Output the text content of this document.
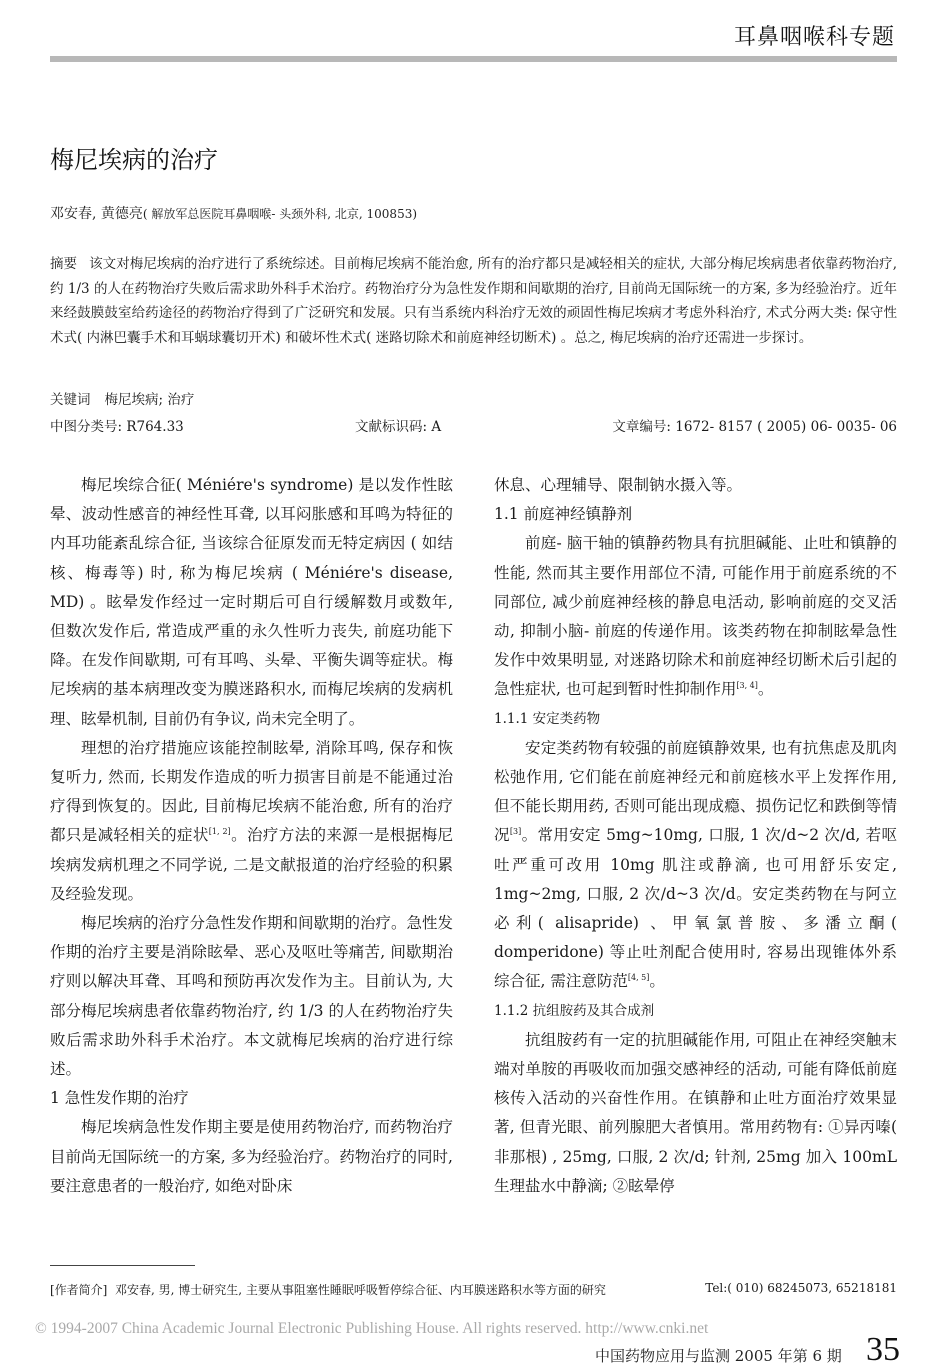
耳鼻咽喉科专题
梅尼埃病的治疗
邓安春, 黄德亮( 解放军总医院耳鼻咽喉- 头颈外科, 北京, 100853)
摘要 该文对梅尼埃病的治疗进行了系统综述。目前梅尼埃病不能治愈, 所有的治疗都只是减轻相关的症状, 大部分梅尼埃病患者依靠药物治疗, 约 1/3 的人在药物治疗失败后需求助外科手术治疗。药物治疗分为急性发作期和间歇期的治疗, 目前尚无国际统一的方案, 多为经验治疗。近年来经鼓膜鼓室给药途径的药物治疗得到了广泛研究和发展。只有当系统内科治疗无效的顽固性梅尼埃病才考虑外科治疗, 术式分两大类: 保守性术式( 内淋巴囊手术和耳蜗球囊切开术) 和破坏性术式( 迷路切除术和前庭神经切断术) 。总之, 梅尼埃病的治疗还需进一步探讨。
关键词 梅尼埃病; 治疗
中图分类号: R764.33	文献标识码: A	文章编号: 1672- 8157 ( 2005) 06- 0035- 06

梅尼埃综合征( Méniére's syndrome) 是以发作性眩晕、波动性感音的神经性耳聋, 以耳闷胀感和耳鸣为特征的内耳功能紊乱综合征, 当该综合征原发而无特定病因 ( 如结核、梅毒等) 时, 称为梅尼埃病 ( Méniére's disease, MD) 。眩晕发作经过一定时期后可自行缓解数月或数年, 但数次发作后, 常造成严重的永久性听力丧失, 前庭功能下降。在发作间歇期, 可有耳鸣、头晕、平衡失调等症状。梅尼埃病的基本病理改变为膜迷路积水, 而梅尼埃病的发病机理、眩晕机制, 目前仍有争议, 尚未完全明了。

理想的治疗措施应该能控制眩晕, 消除耳鸣, 保存和恢复听力, 然而, 长期发作造成的听力损害目前是不能通过治疗得到恢复的。因此, 目前梅尼埃病不能治愈, 所有的治疗都只是减轻相关的症状[1, 2]。治疗方法的来源一是根据梅尼埃病发病机理之不同学说, 二是文献报道的治疗经验的积累及经验发现。

梅尼埃病的治疗分急性发作期和间歇期的治疗。急性发作期的治疗主要是消除眩晕、恶心及呕吐等痛苦, 间歇期治疗则以解决耳聋、耳鸣和预防再次发作为主。目前认为, 大部分梅尼埃病患者依靠药物治疗, 约 1/3 的人在药物治疗失败后需求助外科手术治疗。本文就梅尼埃病的治疗进行综述。

1 急性发作期的治疗

梅尼埃病急性发作期主要是使用药物治疗, 而药物治疗目前尚无国际统一的方案, 多为经验治疗。药物治疗的同时, 要注意患者的一般治疗, 如绝对卧床

休息、心理辅导、限制钠水摄入等。

1.1 前庭神经镇静剂

前庭- 脑干轴的镇静药物具有抗胆碱能、止吐和镇静的性能, 然而其主要作用部位不清, 可能作用于前庭系统的不同部位, 减少前庭神经核的静息电活动, 影响前庭的交叉活动, 抑制小脑- 前庭的传递作用。该类药物在抑制眩晕急性发作中效果明显, 对迷路切除术和前庭神经切断术后引起的急性症状, 也可起到暂时性抑制作用[3, 4]。

1.1.1 安定类药物

安定类药物有较强的前庭镇静效果, 也有抗焦虑及肌肉松弛作用, 它们能在前庭神经元和前庭核水平上发挥作用, 但不能长期用药, 否则可能出现成瘾、损伤记忆和跌倒等情况[3]。常用安定 5mg~10mg, 口服, 1 次/d~2 次/d, 若呕吐严重可改用 10mg 肌注或静滴, 也可用舒乐安定, 1mg~2mg, 口服, 2 次/d~3 次/d。安定类药物在与阿立必利( alisapride) 、甲氧氯普胺、多潘立酮( domperidone) 等止吐剂配合使用时, 容易出现锥体外系综合征, 需注意防范[4, 5]。

1.1.2 抗组胺药及其合成剂

抗组胺药有一定的抗胆碱能作用, 可阻止在神经突触末端对单胺的再吸收而加强交感神经的活动, 可能有降低前庭核传入活动的兴奋性作用。在镇静和止吐方面治疗效果显著, 但青光眼、前列腺肥大者慎用。常用药物有: ①异丙嗪( 非那根) , 25mg, 口服, 2 次/d; 针剂, 25mg 加入 100mL 生理盐水中静滴; ②眩晕停

[作者简介] 邓安春, 男, 博士研究生, 主要从事阻塞性睡眠呼吸暂停综合征、内耳膜迷路积水等方面的研究	Tel:( 010) 68245073, 65218181
© 1994-2007 China Academic Journal Electronic Publishing House. All rights reserved. http://www.cnki.net
中国药物应用与监测 2005 年第 6 期 35
